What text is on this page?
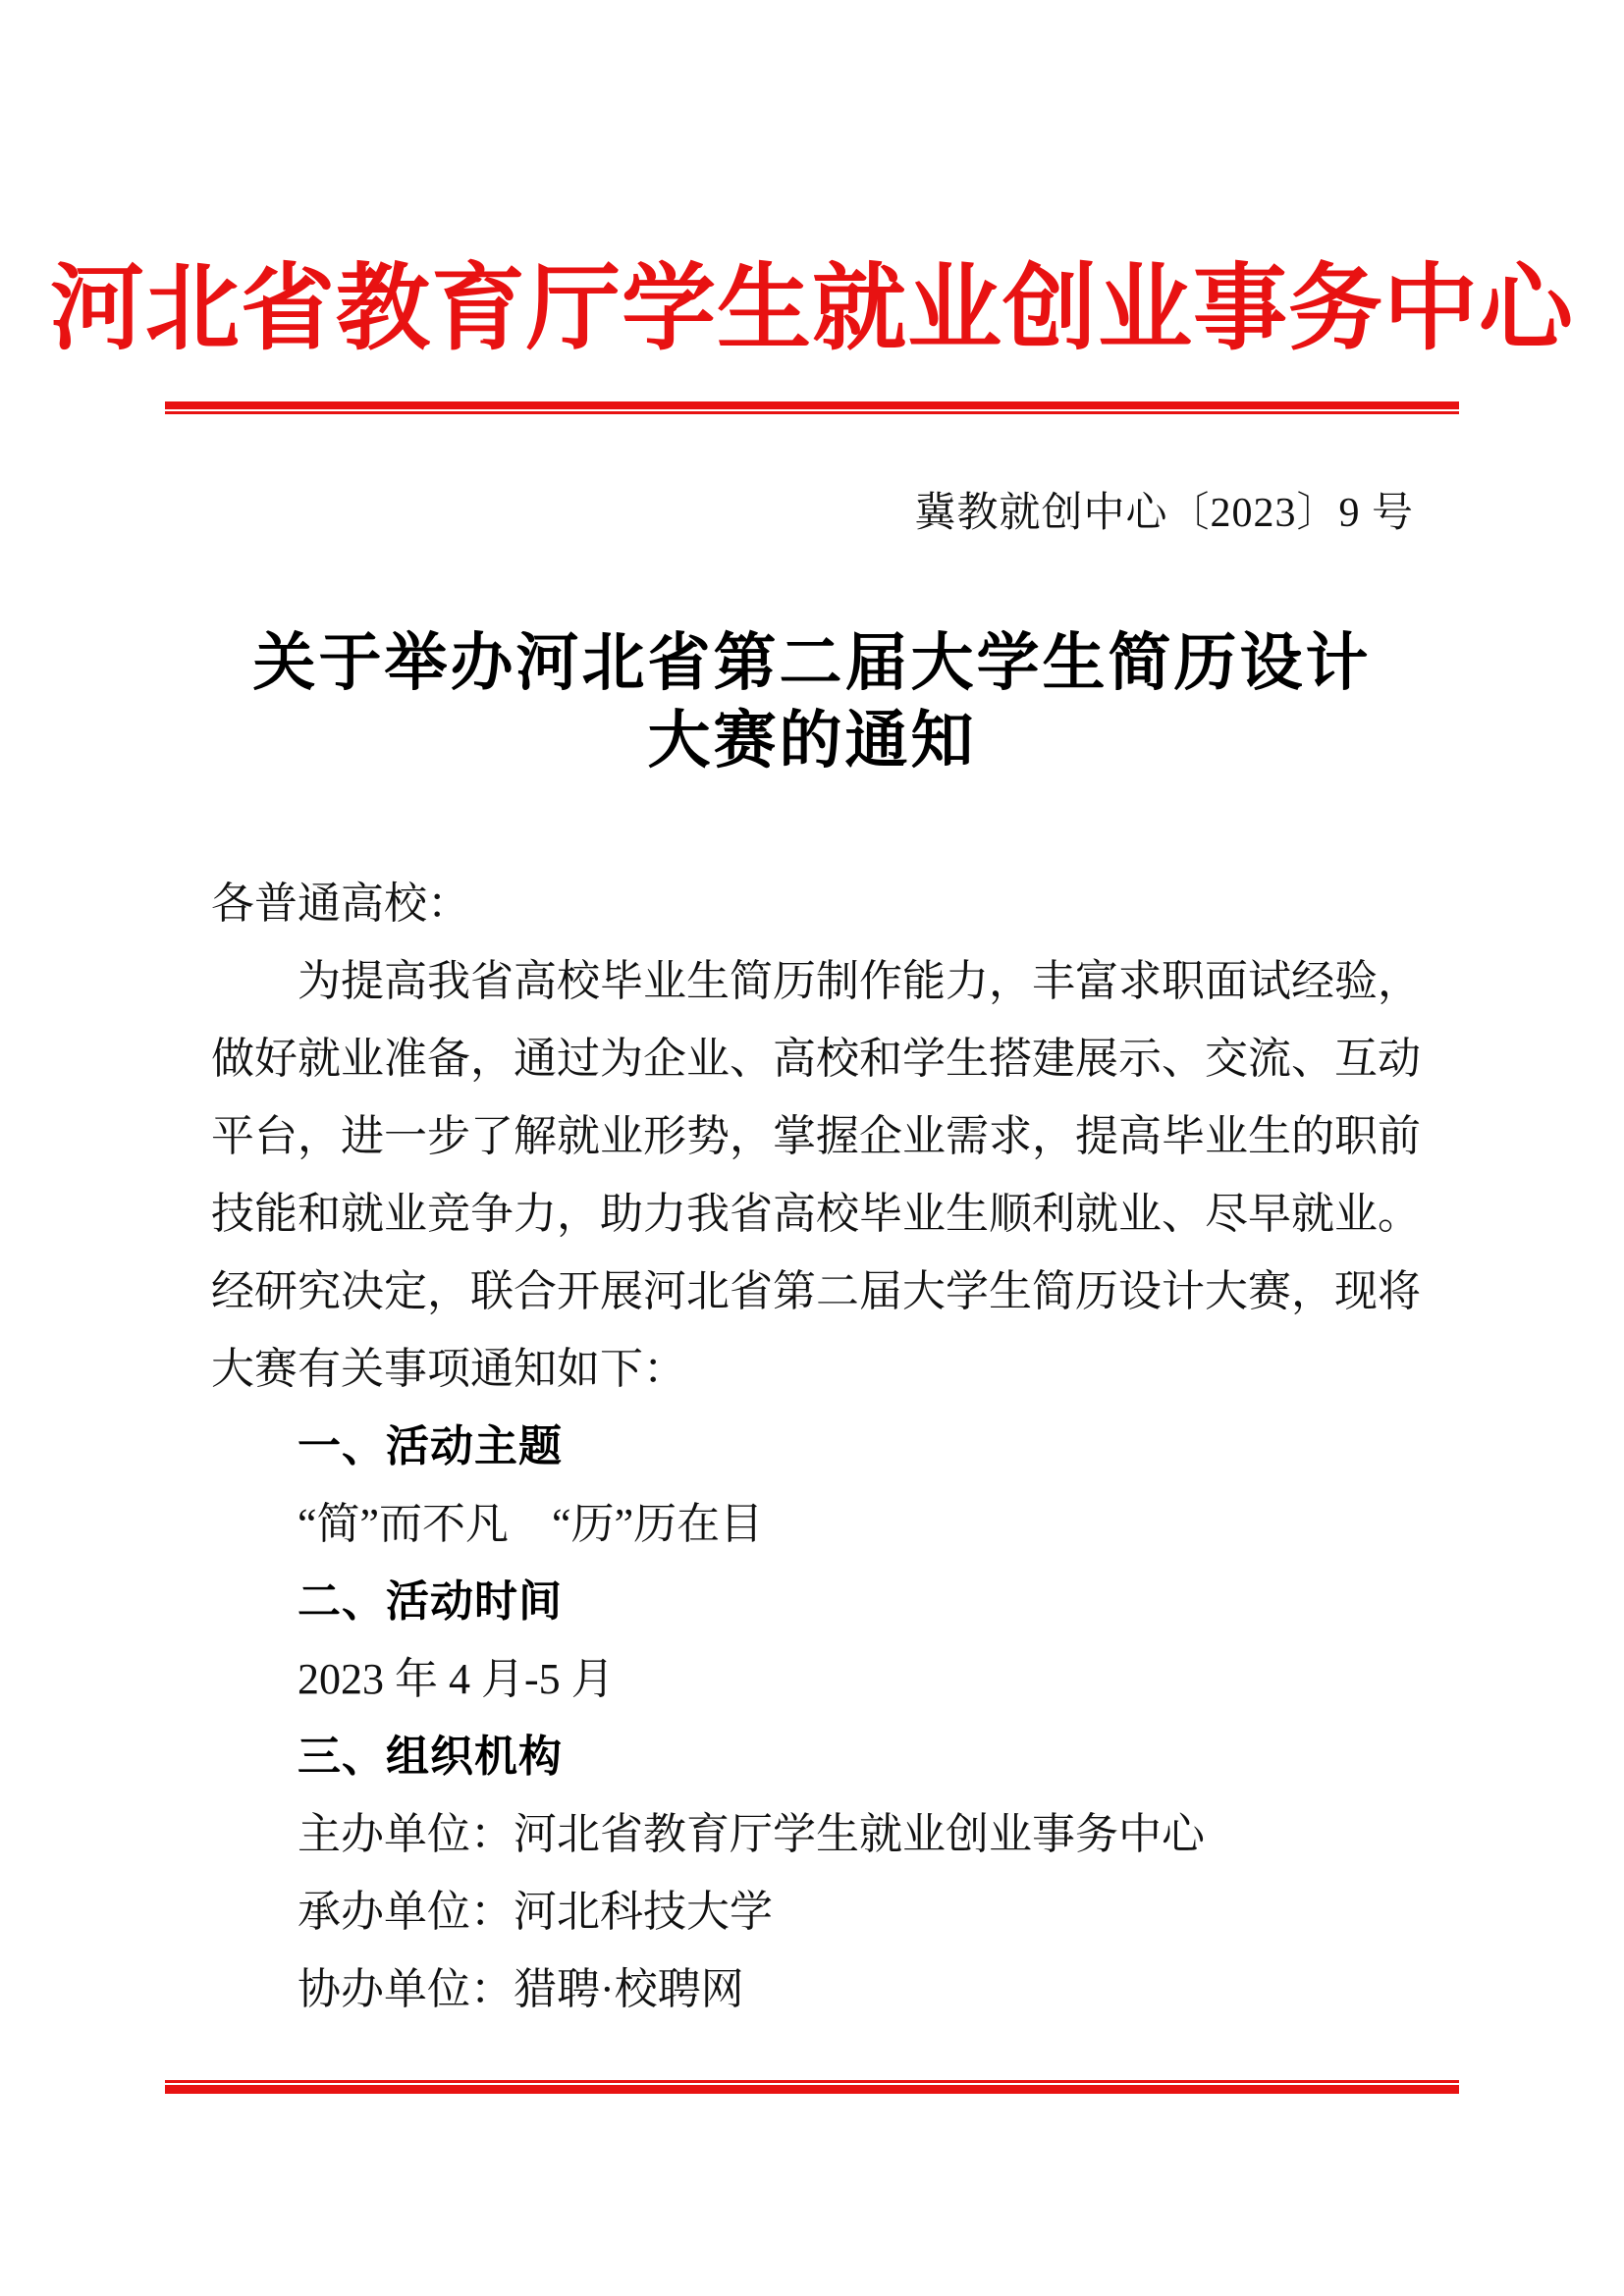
河北省教育厅学生就业创业事务中心
冀教就创中心〔2023〕9 号
关于举办河北省第二届大学生简历设计
大赛的通知
各普通高校：
为提高我省高校毕业生简历制作能力，丰富求职面试经验，
做好就业准备，通过为企业、高校和学生搭建展示、交流、互动
平台，进一步了解就业形势，掌握企业需求，提高毕业生的职前
技能和就业竞争力，助力我省高校毕业生顺利就业、尽早就业。
经研究决定，联合开展河北省第二届大学生简历设计大赛，现将
大赛有关事项通知如下：
一、活动主题
“简”而不凡　“历”历在目
二、活动时间
2023 年 4 月-5 月
三、组织机构
主办单位：河北省教育厅学生就业创业事务中心
承办单位：河北科技大学
协办单位：猎聘·校聘网
